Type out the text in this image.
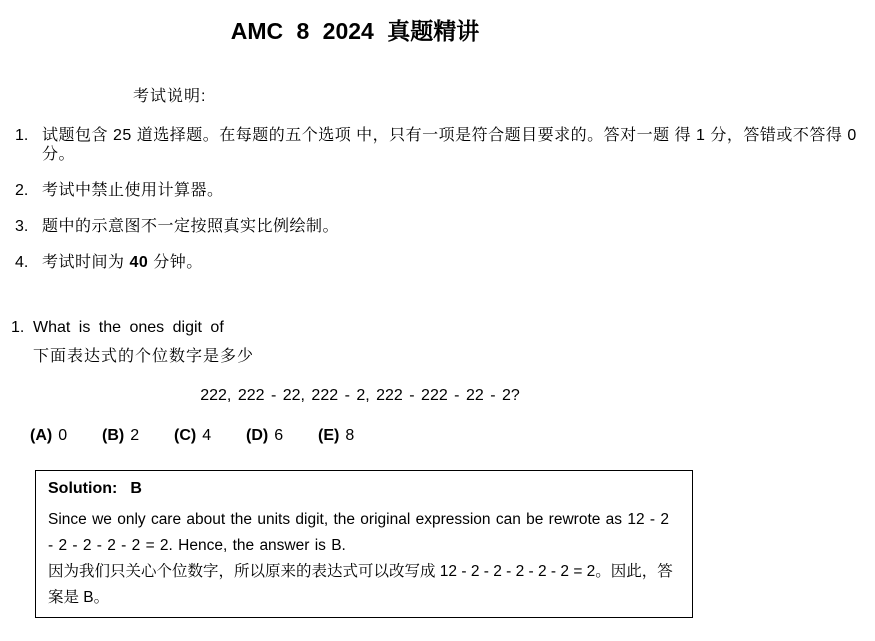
AMC 8 2024 真题精讲
考试说明:
1. 试题包含 25 道选择题。在每题的五个选项 中，只有一项是符合题目要求的。答对一题 得 1 分，答错或不答得 0 分。
2. 考试中禁止使用计算器。
3. 题中的示意图不一定按照真实比例绘制。
4. 考试时间为 40 分钟。
1. What is the ones digit of
下面表达式的个位数字是多少
222, 222 - 22, 222 - 2, 222 - 222 - 22 - 2?
(A) 0	(B) 2	(C) 4	(D) 6	(E) 8
Solution: B

Since we only care about the units digit, the original expression can be rewrote as 12 - 2 - 2 - 2 - 2 - 2 = 2. Hence, the answer is B.

因为我们只关心个位数字，所以原来的表达式可以改写成 12 - 2 - 2 - 2 - 2 - 2 = 2。因此，答案是 B。
